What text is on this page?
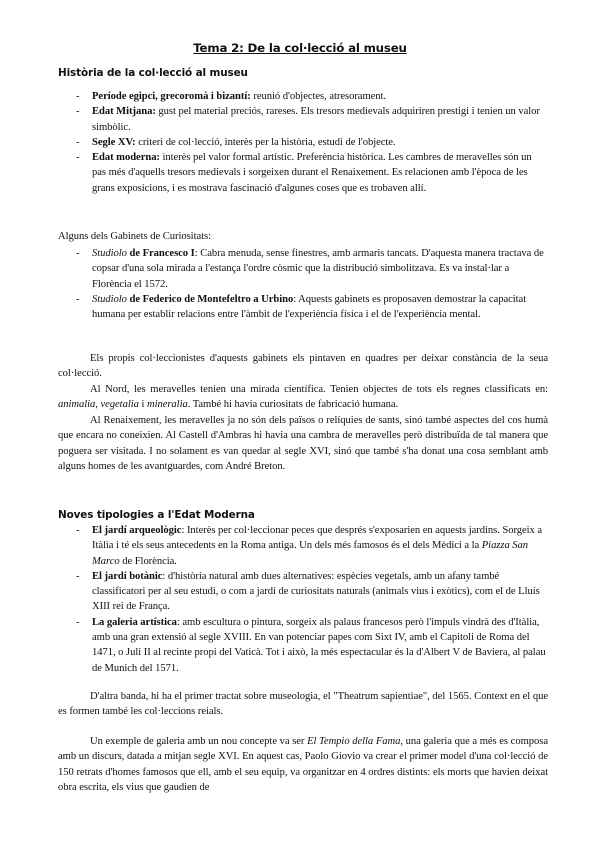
Tema 2: De la col·lecció al museu
Història de la col·lecció al museu
- Període egipci, grecoromà i bizantí: reunió d'objectes, atresorament.
- Edat Mitjana: gust pel material preciós, rareses. Els tresors medievals adquiriren prestigi i tenien un valor simbòlic.
- Segle XV: criteri de col·lecció, interès per la història, estudi de l'objecte.
- Edat moderna: interès pel valor formal artístic. Preferència històrica. Les cambres de meravelles són un pas més d'aquells tresors medievals i sorgeixen durant el Renaixement. Es relacionen amb l'època de les grans exposicions, i es mostrava fascinació d'algunes coses que es trobaven allí.
Alguns dels Gabinets de Curiositats:
- Studiolo de Francesco I: Cabra menuda, sense finestres, amb armaris tancats. D'aquesta manera tractava de copsar d'una sola mirada a l'estança l'ordre còsmic que la distribució simbolitzava. Es va instal·lar a Florència el 1572.
- Studiolo de Federico de Montefeltro a Urbino: Aquests gabinets es proposaven demostrar la capacitat humana per establir relacions entre l'àmbit de l'experiència física i el de l'experiència mental.

Els propis col·leccionistes d'aquests gabinets els pintaven en quadres per deixar constància de la seua col·lecció.

Al Nord, les meravelles tenien una mirada científica. Tenien objectes de tots els regnes classificats en: animalia, vegetalia i mineralia. També hi havia curiositats de fabricació humana.

Al Renaixement, les meravelles ja no són dels països o relíquies de sants, sinó també aspectes del cos humà que encara no coneixien. Al Castell d'Ambras hi havia una cambra de meravelles però distribuïda de tal manera que poguera ser visitada. I no solament es van quedar al segle XVI, sinó que també s'ha donat una cosa semblant amb alguns homes de les avantguardes, com André Breton.

Noves tipologies a l'Edat Moderna
- El jardí arqueològic: Interès per col·leccionar peces que després s'exposarien en aquests jardins. Sorgeix a Itàlia i té els seus antecedents en la Roma antiga. Un dels més famosos és el dels Mèdici a la Piazza San Marco de Florència.
- El jardí botànic: d'història natural amb dues alternatives: espècies vegetals, amb un afany també classificatori per al seu estudi, o com a jardí de curiositats naturals (animals vius i exòtics), com el de Lluís XIII rei de França.
- La galeria artística: amb escultura o pintura, sorgeix als palaus francesos però l'impuls vindrà des d'Itàlia, amb una gran extensió al segle XVIII. En van potenciar papes com Sixt IV, amb el Capitoli de Roma del 1471, o Juli II al recinte propi del Vaticà. Tot i això, la més espectacular és la d'Albert V de Baviera, al palau de Munich del 1571.

D'altra banda, hi ha el primer tractat sobre museologia, el "Theatrum sapientiae", del 1565. Context en el que es formen també les col·leccions reials.

Un exemple de galeria amb un nou concepte va ser El Tempio della Fama, una galeria que a més es composa amb un discurs, datada a mitjan segle XVI. En aquest cas, Paolo Giovio va crear el primer model d'una col·lecció de 150 retrats d'homes famosos que ell, amb el seu equip, va organitzar en 4 ordres distints: els morts que havien deixat obra escrita, els vius que gaudien de
